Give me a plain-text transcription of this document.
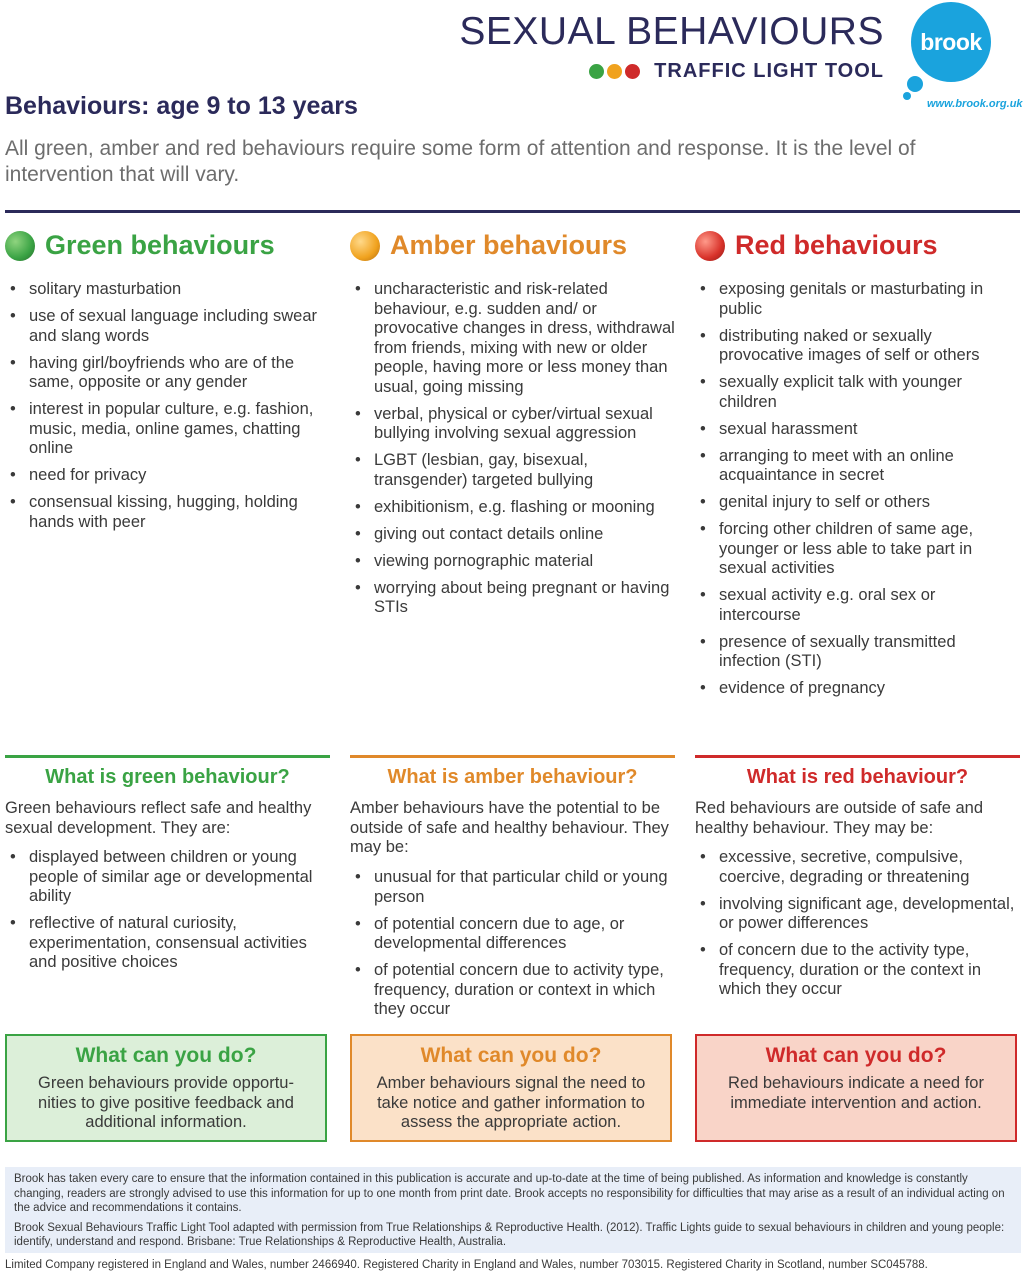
SEXUAL BEHAVIOURS
TRAFFIC LIGHT TOOL
brook
www.brook.org.uk
Behaviours: age 9 to 13 years
All green, amber and red behaviours require some form of attention and response. It is the level of intervention that will vary.
Green behaviours	Amber behaviours	Red behaviours
• solitary masturbation
• use of sexual language including swear and slang words
• having girl/boyfriends who are of the same, opposite or any gender
• interest in popular culture, e.g. fashion, music, media, online games, chatting online
• need for privacy
• consensual kissing, hugging, holding hands with peer
• uncharacteristic and risk-related behaviour, e.g. sudden and/ or provocative changes in dress, withdrawal from friends, mixing with new or older people, having more or less money than usual, going missing
• verbal, physical or cyber/virtual sexual bullying involving sexual aggression
• LGBT (lesbian, gay, bisexual, transgender) targeted bullying
• exhibitionism, e.g. flashing or mooning
• giving out contact details online
• viewing pornographic material
• worrying about being pregnant or having STIs
• exposing genitals or masturbating in public
• distributing naked or sexually provocative images of self or others
• sexually explicit talk with younger children
• sexual harassment
• arranging to meet with an online acquaintance in secret
• genital injury to self or others
• forcing other children of same age, younger or less able to take part in sexual activities
• sexual activity e.g. oral sex or intercourse
• presence of sexually transmitted infection (STI)
• evidence of pregnancy
What is green behaviour?	What is amber behaviour?	What is red behaviour?
Green behaviours reflect safe and healthy sexual development. They are:
Amber behaviours have the potential to be outside of safe and healthy behaviour. They may be:
Red behaviours are outside of safe and healthy behaviour. They may be:
• displayed between children or young people of similar age or developmental ability
• reflective of natural curiosity, experimentation, consensual activities and positive choices
• unusual for that particular child or young person
• of potential concern due to age, or developmental differences
• of potential concern due to activity type, frequency, duration or context in which they occur
• excessive, secretive, compulsive, coercive, degrading or threatening
• involving significant age, developmental, or power differences
• of concern due to the activity type, frequency, duration or the context in which they occur
What can you do?
Green behaviours provide opportu-nities to give positive feedback and additional information.
What can you do?
Amber behaviours signal the need to take notice and gather information to assess the appropriate action.
What can you do?
Red behaviours indicate a need for immediate intervention and action.

Brook has taken every care to ensure that the information contained in this publication is accurate and up-to-date at the time of being published. As information and knowledge is constantly changing, readers are strongly advised to use this information for up to one month from print date. Brook accepts no responsibility for difficulties that may arise as a result of an individual acting on the advice and recommendations it contains.

Brook Sexual Behaviours Traffic Light Tool adapted with permission from True Relationships & Reproductive Health. (2012). Traffic Lights guide to sexual behaviours in children and young people: identify, understand and respond. Brisbane: True Relationships & Reproductive Health, Australia.

Limited Company registered in England and Wales, number 2466940. Registered Charity in England and Wales, number 703015. Registered Charity in Scotland, number SC045788.
